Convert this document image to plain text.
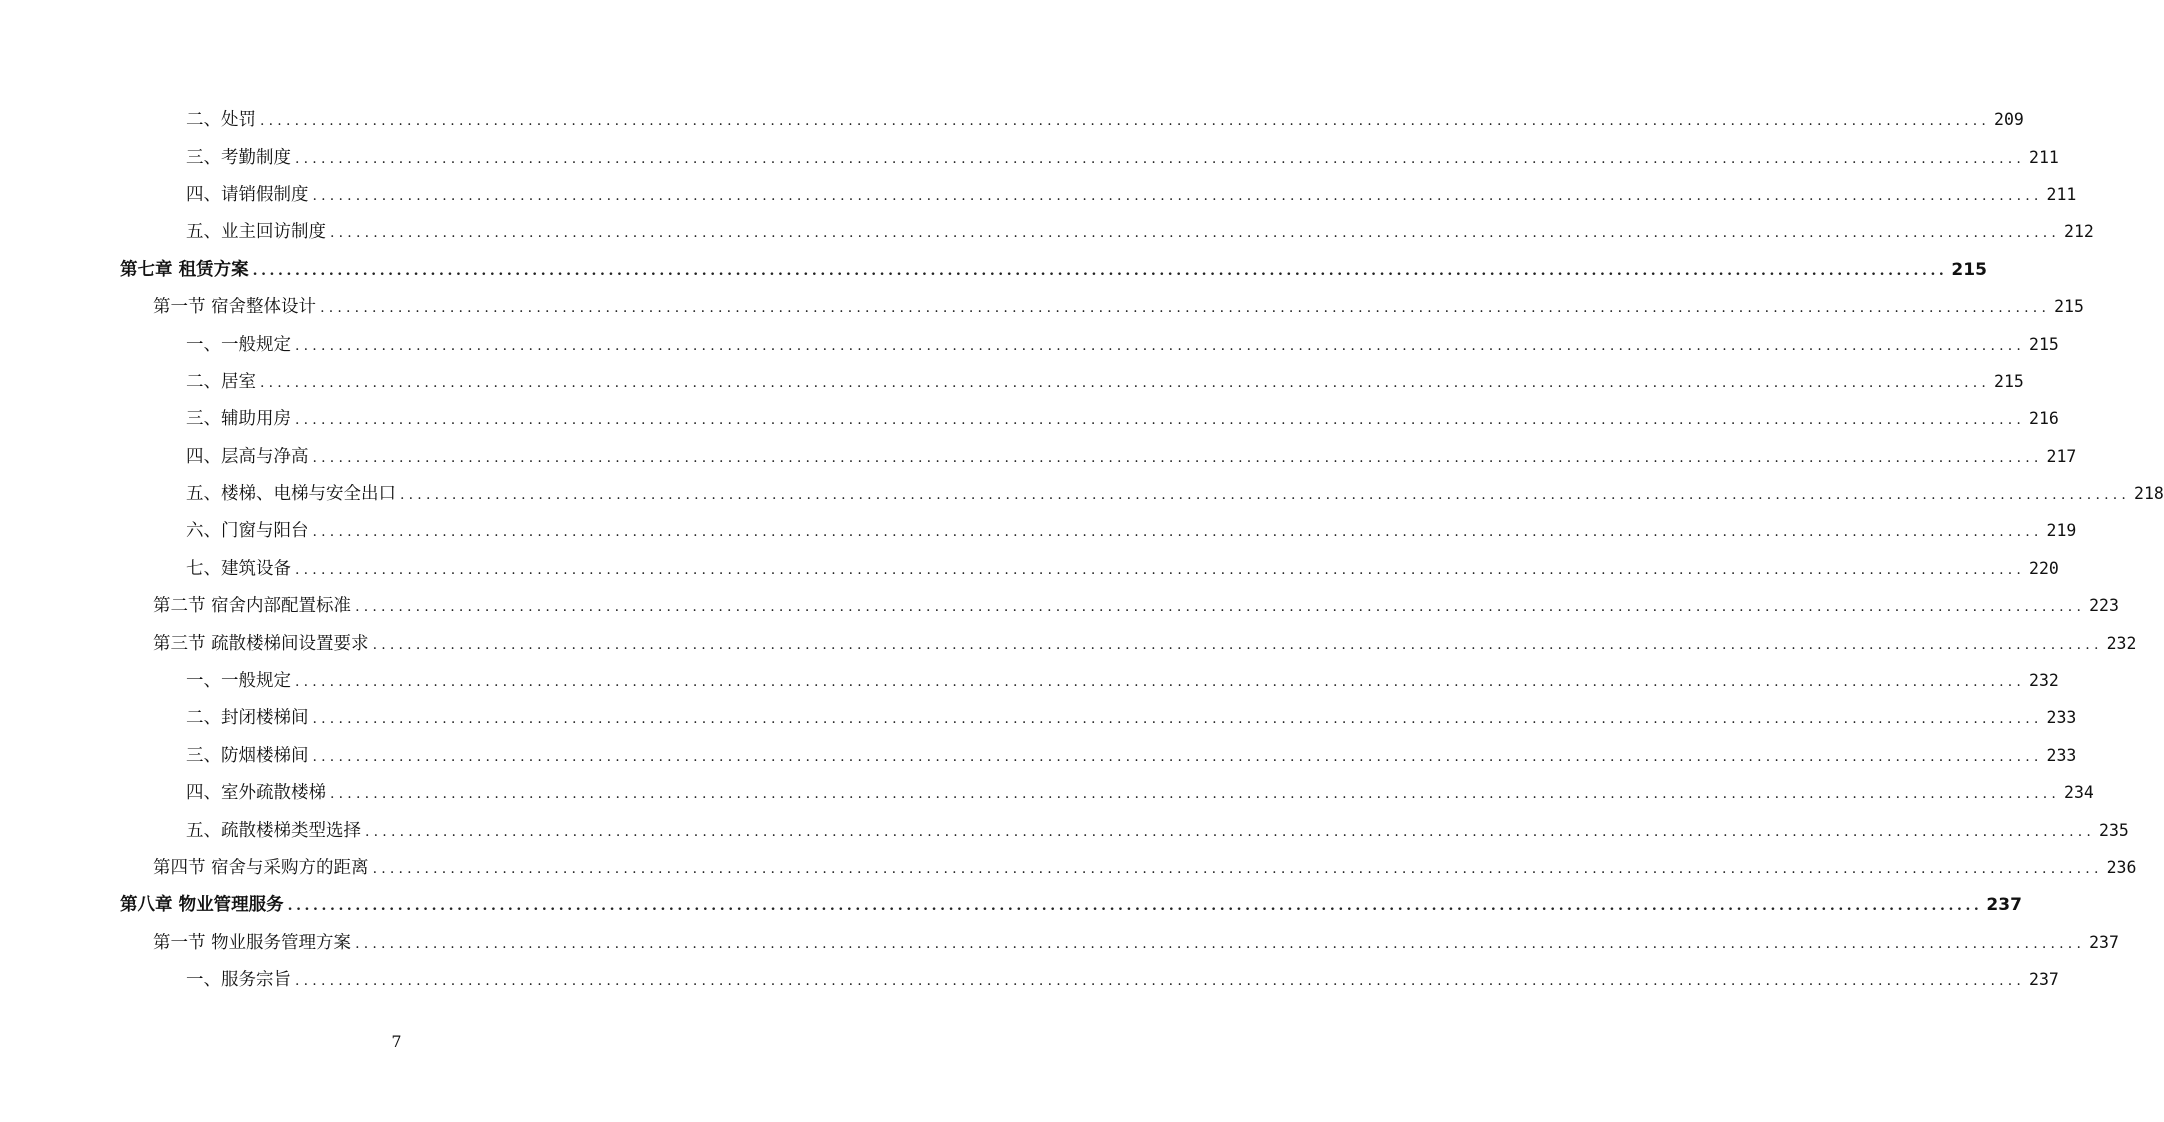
二、处罚 ........................................................................................................................................................................................................ 209
三、考勤制度 ........................................................................................................................................................................................................ 211
四、请销假制度 ........................................................................................................................................................................................................ 211
五、业主回访制度 ........................................................................................................................................................................................................ 212
第七章 租赁方案 ........................................................................................................................................................................................................ 215
第一节 宿舍整体设计 ........................................................................................................................................................................................................ 215
一、一般规定 ........................................................................................................................................................................................................ 215
二、居室 ........................................................................................................................................................................................................ 215
三、辅助用房 ........................................................................................................................................................................................................ 216
四、层高与净高 ........................................................................................................................................................................................................ 217
五、楼梯、电梯与安全出口 ........................................................................................................................................................................................................ 218
六、门窗与阳台 ........................................................................................................................................................................................................ 219
七、建筑设备 ........................................................................................................................................................................................................ 220
第二节 宿舍内部配置标准 ........................................................................................................................................................................................................ 223
第三节 疏散楼梯间设置要求 ........................................................................................................................................................................................................ 232
一、一般规定 ........................................................................................................................................................................................................ 232
二、封闭楼梯间 ........................................................................................................................................................................................................ 233
三、防烟楼梯间 ........................................................................................................................................................................................................ 233
四、室外疏散楼梯 ........................................................................................................................................................................................................ 234
五、疏散楼梯类型选择 ........................................................................................................................................................................................................ 235
第四节 宿舍与采购方的距离 ........................................................................................................................................................................................................ 236
第八章 物业管理服务 ........................................................................................................................................................................................................ 237
第一节 物业服务管理方案 ........................................................................................................................................................................................................ 237
一、服务宗旨 ........................................................................................................................................................................................................ 237
7
